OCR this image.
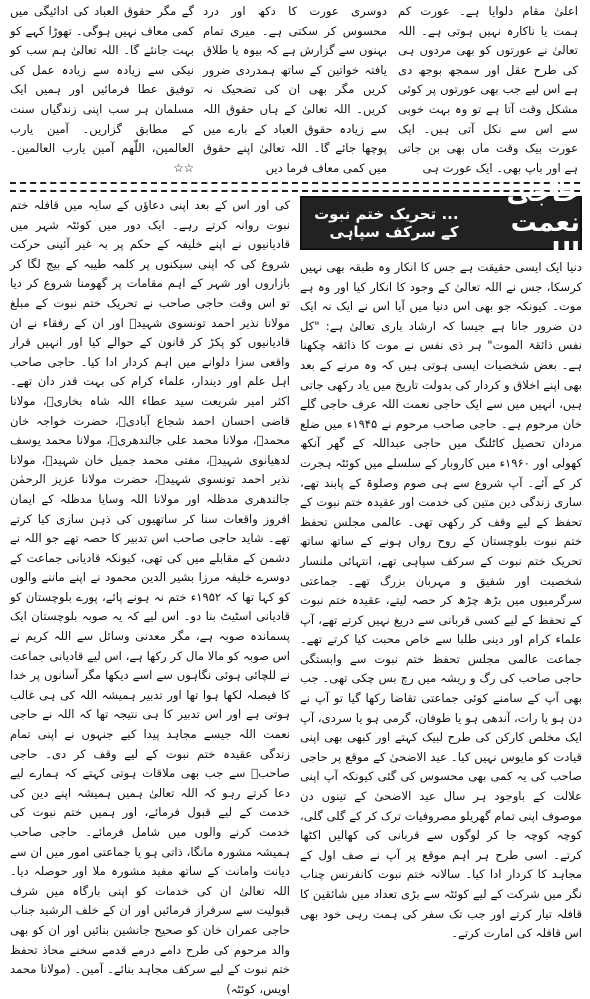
اعلیٰ مقام دلوایا ہے۔ عورت کم ہمت یا ناکارہ نہیں ہوتی ہے۔ اللہ تعالیٰ نے عورتوں کو بھی مردوں ہی کی طرح عقل اور سمجھ بوجھ دی ہے اس لیے جب بھی عورتوں پر کوئی مشکل وقت آتا ہے تو وہ بہت خوبی سے اس سے نکل آتی ہیں۔ ایک عورت بیک وقت ماں بھی بن جاتی ہے اور باپ بھی۔ ایک عورت ہی
دوسری عورت کا دکھ اور درد محسوس کر سکتی ہے۔ میری تمام بہنوں سے گزارش ہے کہ بیوہ یا طلاق یافتہ خواتین کے ساتھ ہمدردی ضرور کریں مگر بھی ان کی تضحیک نہ کریں۔ اللہ تعالیٰ کے ہاں حقوق اللہ سے زیادہ حقوق العباد کے بارے میں پوچھا جائے گا۔ اللہ تعالیٰ اپنے حقوق میں کمی معاف فرما دیں
گے مگر حقوق العباد کی ادائیگی میں کمی معاف نہیں ہوگی۔ تھوڑا کہے کو بہت جانئے گا۔ اللہ تعالیٰ ہم سب کو نیکی سے زیادہ سے زیادہ عمل کی توفیق عطا فرمائیں اور ہمیں ایک مسلمان ہر سب اپنی زندگیاں سنت کے مطابق گزاریں۔ آمین یارب العالمین، اللّٰھم آمین یارب العالمین۔ ☆☆
حاجی نعمت اللہ
... تحریک ختم نبوت کے سرکف سپاہی
دنیا ایک ایسی حقیقت ہے جس کا انکار وہ طبقہ بھی نہیں کرسکا، جس نے اللہ تعالیٰ کے وجود کا انکار کیا اور وہ ہے موت۔ کیونکہ جو بھی اس دنیا میں آیا اس نے ایک نہ ایک دن ضرور جانا ہے جیسا کہ ارشاد باری تعالیٰ ہے: "کل نفس ذائقۃ الموت" ہر ذی نفس نے موت کا ذائقہ چکھنا ہے۔ بعض شخصیات ایسی ہوتی ہیں کہ وہ مرنے کے بعد بھی اپنے اخلاق و کردار کی بدولت تاریخ میں یاد رکھی جاتی ہیں، انہیں میں سے ایک حاجی نعمت اللہ عرف حاجی گلے خان مرحوم ہے۔ حاجی صاحب مرحوم نے ۱۹۴۵ء میں ضلع مردان تحصیل کاٹلنگ میں حاجی عبداللہ کے گھر آنکھ کھولی اور ۱۹۶۰ء میں کاروبار کے سلسلے میں کوئٹہ ہجرت کر کے آئے۔ آپ شروع سے ہی صوم وصلوۃ کے پابند تھے، ساری زندگی دین متین کی خدمت اور عقیدہ ختم نبوت کے تحفظ کے لیے وقف کر رکھی تھی۔ عالمی مجلس تحفظ ختم نبوت بلوچستان کے روح رواں ہونے کے ساتھ ساتھ تحریک ختم نبوت کے سرکف سپاہی تھے، انتہائی ملنسار شخصیت اور شفیق و مہربان بزرگ تھے۔ جماعتی سرگرمیوں میں بڑھ چڑھ کر حصہ لیتے، عقیدہ ختم نبوت کے تحفظ کے لیے کسی قربانی سے دریغ نہیں کرتے تھے، آپ علماء کرام اور دینی طلبا سے خاص محبت کیا کرتے تھے۔ جماعت عالمی مجلس تحفظ ختم نبوت سے وابستگی حاجی صاحب کی رگ و ریشہ میں رچ بس چکی تھی۔ جب بھی آپ کے سامنے کوئی جماعتی تقاضا رکھا گیا تو آپ نے دن ہو یا رات، آندھی ہو یا طوفان، گرمی ہو یا سردی، آپ ایک مخلص کارکن کی طرح لبیک کہتے اور کبھی بھی اپنی قیادت کو مایوس نہیں کیا۔ عید الاضحیٰ کے موقع پر حاجی صاحب کی یہ کمی بھی محسوس کی گئی کیونکہ آپ اپنی علالت کے باوجود ہر سال عید الاضحیٰ کے تینوں دن موصوف اپنی تمام گھریلو مصروفیات ترک کر کے گلی گلی، کوچہ کوچہ جا کر لوگوں سے قربانی کی کھالیں اکٹھا کرتے۔ اسی طرح ہر اہم موقع پر آپ نے صف اول کے مجاہد کا کردار ادا کیا۔ سالانہ ختم نبوت کانفرنس چناب نگر میں شرکت کے لیے کوئٹہ سے بڑی تعداد میں شائقین کا قافلہ تیار کرتے اور جب تک سفر کی ہمت رہی خود بھی اس قافلہ کی امارت کرتے۔
کی اور اس کے بعد اپنی دعاؤں کے سایہ میں قافلہ ختم نبوت روانہ کرتے رہے۔ ایک دور میں کوئٹہ شہر میں قادیانیوں نے اپنے خلیفہ کے حکم پر بہ غیر آئینی حرکت شروع کی کہ اپنی سیکنوں پر کلمہ طیبہ کے بیج لگا کر بازاروں اور شہر کے اہم مقامات پر گھومنا شروع کر دیا تو اس وقت حاجی صاحب نے تحریک ختم نبوت کے مبلغ مولانا نذیر احمد تونسوی شہیدؒ اور ان کے رفقاء نے ان قادیانیوں کو پکڑ کر قانون کے حوالے کیا اور انہیں قرار واقعی سزا دلوانے میں اہم کردار ادا کیا۔ حاجی صاحب اہل علم اور دیندار، علماء کرام کی بہت قدر دان تھے۔ اکثر امیر شریعت سید عطاء اللہ شاہ بخاریؒ، مولانا قاضی احسان احمد شجاع آبادیؒ، حضرت خواجہ خان محمدؒ، مولانا محمد علی جالندھریؒ، مولانا محمد یوسف لدھیانوی شہیدؒ، مفتی محمد جمیل خان شہیدؒ، مولانا نذیر احمد تونسوی شہیدؒ، حضرت مولانا عزیز الرحمٰن جالندھری مدظلہ اور مولانا اللہ وسایا مدظلہ کے ایمان افروز واقعات سنا کر ساتھیوں کی ذہن سازی کیا کرتے تھے۔ شاید حاجی صاحب اس تدبیر کا حصہ تھے جو اللہ نے دشمن کے مقابلے میں کی تھی، کیونکہ قادیانی جماعت کے دوسرے خلیفہ مرزا بشیر الدین محمود نے اپنے ماننے والوں کو کہا تھا کہ ۱۹۵۲ء ختم نہ ہونے پائے، پورے بلوچستان کو قادیانی اسٹیٹ بنا دو۔ اس لیے کہ یہ صوبہ بلوچستان ایک پسماندہ صوبہ ہے، مگر معدنی وسائل سے اللہ کریم نے اس صوبہ کو مالا مال کر رکھا ہے، اس لیے قادیانی جماعت نے للچائی ہوئی نگاہوں سے اسے دیکھا مگر آسانوں پر خدا کا فیصلہ لکھا ہوا تھا اور تدبیر ہمیشہ اللہ کی ہی غالب ہوتی ہے اور اس تدبیر کا ہی نتیجہ تھا کہ اللہ نے حاجی نعمت اللہ جیسے مجاہد پیدا کیے جنہوں نے اپنی تمام زندگی عقیدہ ختم نبوت کے لیے وقف کر دی۔ حاجی صاحبؒ سے جب بھی ملاقات ہوتی کہتے کہ ہمارے لیے دعا کرتے رہو کہ اللہ تعالیٰ ہمیں ہمیشہ اپنے دین کی خدمت کے لیے قبول فرمائے، اور ہمیں ختم نبوت کی خدمت کرنے والوں میں شامل فرمائے۔ حاجی صاحب ہمیشہ مشورہ مانگا، ذاتی ہو یا جماعتی امور میں ان سے دیانت وامانت کے ساتھ مفید مشورہ ملا اور حوصلہ دیا۔ اللہ تعالیٰ ان کی خدمات کو اپنی بارگاہ میں شرف قبولیت سے سرفراز فرمائیں اور ان کے خلف الرشید جناب حاجی عمران خان کو صحیح جانشین بنائیں اور ان کو بھی والد مرحوم کی طرح دامے درمے قدمے سخنے محاذ تحفظ ختم نبوت کے لیے سرکف مجاہد بنائے۔ آمین۔ (مولانا محمد اویس، کوئٹہ)
